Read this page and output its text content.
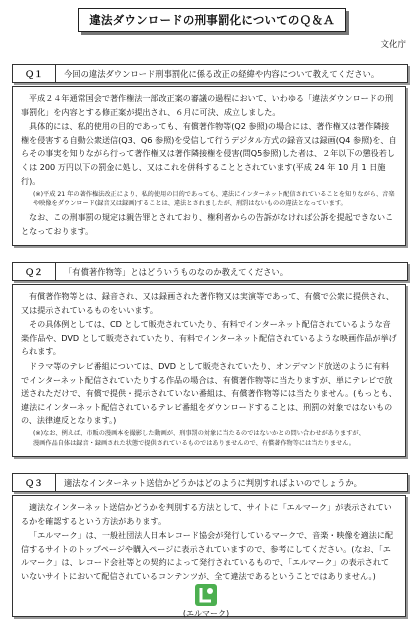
違法ダウンロードの刑事罰化についてのＱ＆Ａ
文化庁
Ｑ１	今回の違法ダウンロード刑事罰化に係る改正の経緯や内容について教えてください。

平成２４年通常国会で著作権法一部改正案の審議の過程において、いわゆる「違法ダウンロードの刑事罰化」を内容とする修正案が提出され、６月に可決、成立しました。

具体的には、私的使用の目的であっても、有償著作物等(Q2 参照)の場合には、著作権又は著作隣接権を侵害する自動公衆送信(Q3、Q6 参照)を受信して行うデジタル方式の録音又は録画(Q4 参照)を、自らその事実を知りながら行って著作権又は著作隣接権を侵害(問Q5参照)した者は、２年以下の懲役若しくは 200 万円以下の罰金に処し、又はこれを併科することとされています(平成 24 年 10 月 1 日施行)。

(※)平成 21 年の著作権法改正により、私的使用の目的であっても、違法にインターネット配信されていることを知りながら、音楽や映像をダウンロード(録音又は録画)することは、違法とされましたが、刑罰はないものの違法となっています。

なお、この刑事罰の規定は親告罪とされており、権利者からの告訴がなければ公訴を提起できないことなっております。

Ｑ２	「有償著作物等」とはどういうものなのか教えてください。

有償著作物等とは、録音され、又は録画された著作物又は実演等であって、有償で公衆に提供され、又は提示されているものをいいます。

その具体例としては、CD として販売されていたり、有料でインターネット配信されているような音楽作品や、DVD として販売されていたり、有料でインターネット配信されているような映画作品が挙げられます。

ドラマ等のテレビ番組については、DVD として販売されていたり、オンデマンド放送のように有料でインターネット配信されていたりする作品の場合は、有償著作物等に当たりますが、単にテレビで放送されただけで、有償で提供・提示されていない番組は、有償著作物等には当たりません。(もっとも、違法にインターネット配信されているテレビ番組をダウンロードすることは、刑罰の対象ではないものの、法律違反となります。)

(※)なお、例えば、市販の漫画本を撮影した動画が、刑事罰の対象に当たるのではないかとの問い合わせがありますが、

漫画作品自体は録音・録画された状態で提供されているものではありませんので、有償著作物等には当たりません。

Ｑ３	適法なインターネット送信かどうかはどのように判別すればよいのでしょうか。

適法なインターネット送信かどうかを判別する方法として、サイトに「エルマーク」が表示されているかを確認するという方法があります。

「エルマーク」は、一般社団法人日本レコード協会が発行しているマークで、音楽・映像を適法に配信するサイトのトップページや購入ページに表示されていますので、参考にしてください。(なお、「エルマーク」は、レコード会社等との契約によって発行されているもので、「エルマーク」の表示されていないサイトにおいて配信されているコンテンツが、全て違法であるということではありません。)

(エルマーク)
